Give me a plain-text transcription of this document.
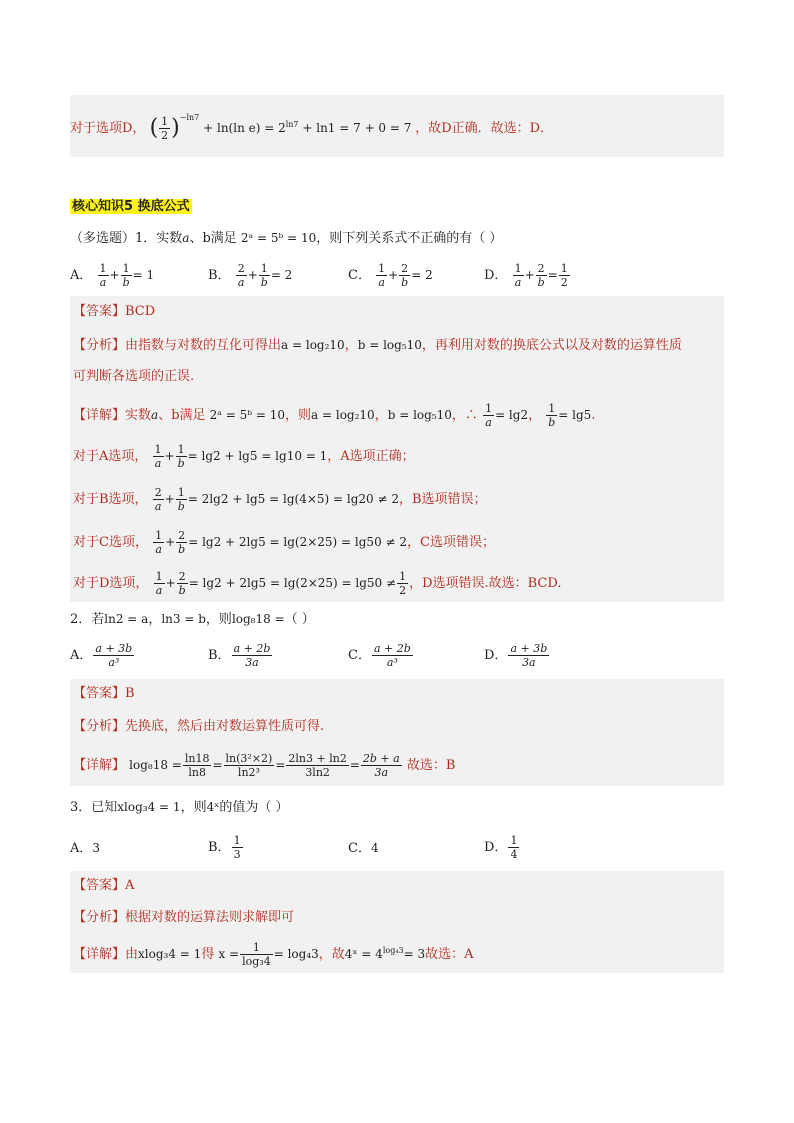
对于选项D， ( $\frac{1}{2} )^{-ln7} + \ln(\ln$ $e) = 2^{ln7} + \ln 1 = 7 + 0 = 7$ ，故D正确．故选：D．
核心知识5 换底公式
（多选题）1．实数a、b满足 2ᵃ = 5ᵇ = 10，则下列关系式不正确的有（ ）
A． $\frac{1}{a} + \frac{1}{b} = 1$	B． $\frac{2}{a} + \frac{1}{b} = 2$	C． $\frac{1}{a} + \frac{2}{b} = 2$	D． $\frac{1}{a} + \frac{2}{b} = \frac{1}{2}$
【答案】BCD
【分析】由指数与对数的互化可得出a = log₂10，b = log₅10，再利用对数的换底公式以及对数的运算性质
可判断各选项的正误.
【详解】实数a、b满足 2ᵃ = 5ᵇ = 10，则a = log₂10，b = log₅10，∴ $\frac{1}{a} = \lg 2$， $\frac{1}{b} = \lg 5$.
对于A选项， $\frac{1}{a} + \frac{1}{b} = \lg 2 + \lg 5 = \lg 10 = 1$，A选项正确；
对于B选项， $\frac{2}{a} + \frac{1}{b} = 2\lg 2 + \lg 5 = \lg(4\times 5) = \lg 20 \ne 2$，B选项错误；
对于C选项， $\frac{1}{a} + \frac{2}{b} = \lg 2 + 2\lg 5 = \lg(2\times 25) = \lg 50 \ne 2$，C选项错误；
对于D选项， $\frac{1}{a} + \frac{2}{b} = \lg 2 + 2\lg 5 = \lg(2\times 25) = \lg 50 \ne \frac{1}{2}$ ，D选项错误.故选：BCD.
2．若ln2 = a，ln3 = b，则log₈18 =（ ）
A． $\frac{a + 3b}{\text{a³}}$	B． $\frac{a + 2b}{3a}$	C． $\frac{a + 2b}{\text{a³}}$	D． $\frac{a + 3b}{3a}$
【答案】B
【分析】先换底，然后由对数运算性质可得.
【详解】 $\log_818 = \frac{\ln 18}{\ln 8} = \frac{\text{ln(3²×2)}}{\text{ln2³}} = \frac{2\ln 3 + \ln 2}{3\ln 2} = \frac{2b + a}{3a}$ 故选：B
3．已知xlog₃4 = 1，则4ˣ的值为（ ）
A．3	B． $\frac{1}{3}$	C．4	D． $\frac{1}{4}$
【答案】A
【分析】根据对数的运算法则求解即可
【详解】由xlog₃4 = 1得 $x = \frac{1}{\text{log₃4}} = \log_43$，故4ˣ = $4^{log_43}= 3$故选：A
